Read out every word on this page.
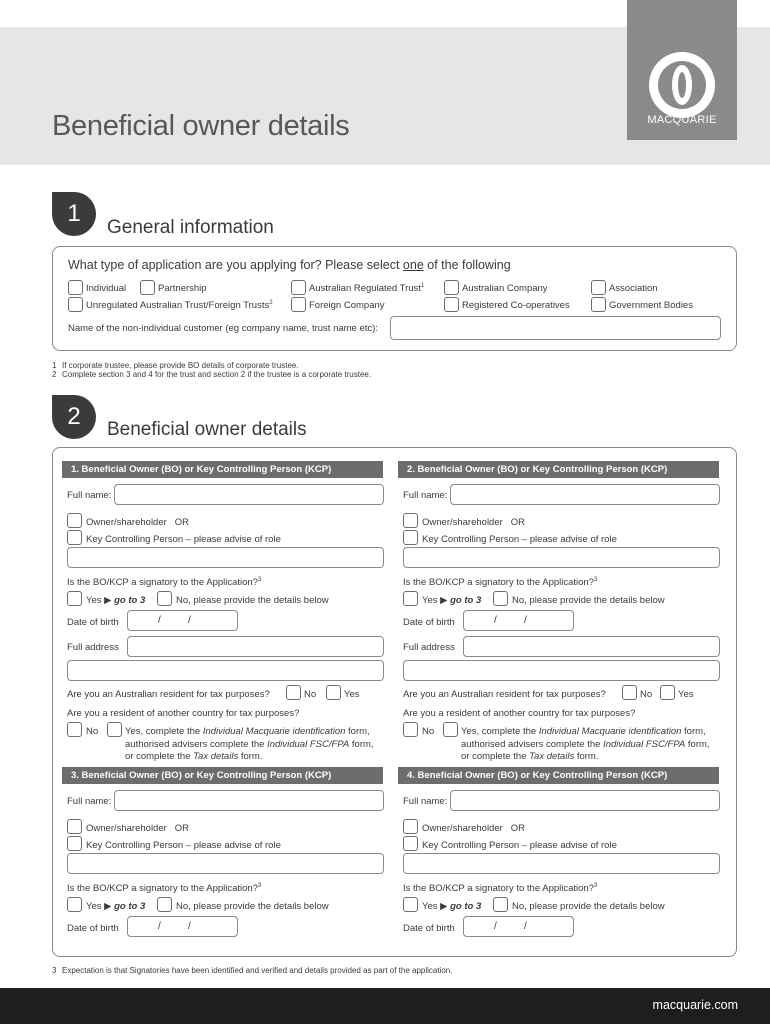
Beneficial owner details	MACQUARIE
1
General information
What type of application are you applying for? Please select one of the following
Individual	Partnership	Australian Regulated Trust$^1$	Australian Company	Association
Unregulated Australian Trust/Foreign Trusts$^2$	Foreign Company	Registered Co-operatives	Government Bodies
Name of the non-individual customer (eg company name, trust name etc):
1 If corporate trustee, please provide BO details of corporate trustee.
2 Complete section 3 and 4 for the trust and section 2 if the trustee is a corporate trustee.
2	Beneficial owner details
1. Beneficial Owner (BO) or Key Controlling Person (KCP)
Full name:
Owner/shareholder OR
Key Controlling Person – please advise of role
Is the BO/KCP a signatory to the Application?$^3$
Yes ▶ go to 3	No, please provide the details below
Date of birth	/	/
Full address
Are you an Australian resident for tax purposes?	No	Yes
Are you a resident of another country for tax purposes?
No	Yes, complete the Individual Macquarie identification form,
authorised advisers complete the Individual FSC/FPA form,
or complete the Tax details form.
2. Beneficial Owner (BO) or Key Controlling Person (KCP)
Full name:
Owner/shareholder OR
Key Controlling Person – please advise of role
Is the BO/KCP a signatory to the Application?$^3$
Yes ▶ go to 3	No, please provide the details below
Date of birth	/	/
Full address
Are you an Australian resident for tax purposes?	No	Yes
Are you a resident of another country for tax purposes?
No	Yes, complete the Individual Macquarie identification form,
authorised advisers complete the Individual FSC/FPA form,
or complete the Tax details form.
3. Beneficial Owner (BO) or Key Controlling Person (KCP)
Full name:
Owner/shareholder OR
Key Controlling Person – please advise of role
Is the BO/KCP a signatory to the Application?$^3$
Yes ▶ go to 3	No, please provide the details below
Date of birth	/	/
4. Beneficial Owner (BO) or Key Controlling Person (KCP)
Full name:
Owner/shareholder OR
Key Controlling Person – please advise of role
Is the BO/KCP a signatory to the Application?$^3$
Yes ▶ go to 3	No, please provide the details below
Date of birth	/	/
3 Expectation is that Signatories have been identified and verified and details provided as part of the application.
macquarie.com
